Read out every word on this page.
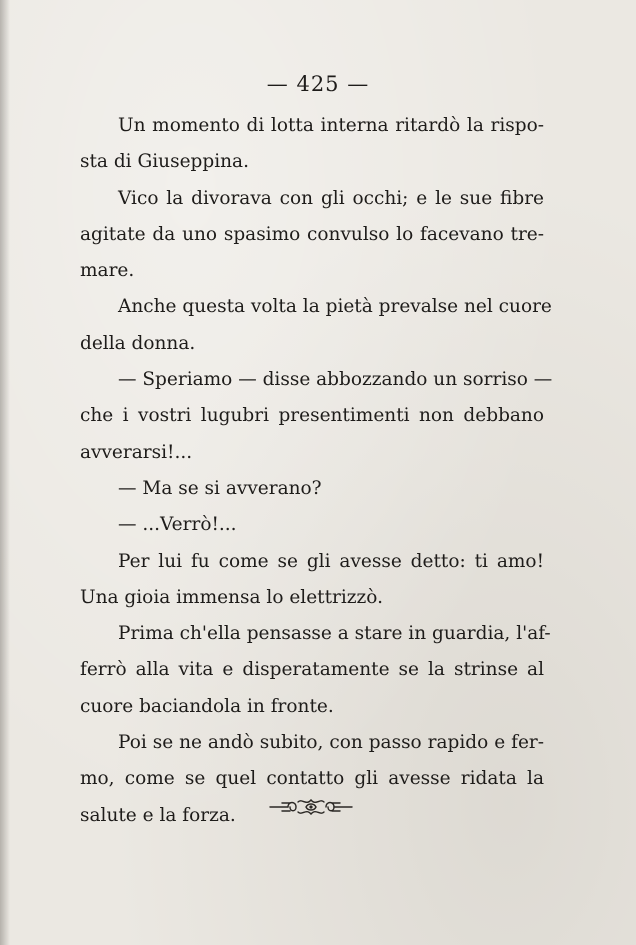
— 425 —
Un momento di lotta interna ritardò la rispo-
sta di Giuseppina.
Vico la divorava con gli occhi; e le sue fibre
agitate da uno spasimo convulso lo facevano tre-
mare.
Anche questa volta la pietà prevalse nel cuore
della donna.
— Speriamo — disse abbozzando un sorriso —
che i vostri lugubri presentimenti non debbano
avverarsi!...
— Ma se si avverano?
— ...Verrò!...
Per lui fu come se gli avesse detto: ti amo!
Una gioia immensa lo elettrizzò.
Prima ch'ella pensasse a stare in guardia, l'af-
ferrò alla vita e disperatamente se la strinse al
cuore baciandola in fronte.
Poi se ne andò subito, con passo rapido e fer-
mo, come se quel contatto gli avesse ridata la
salute e la forza.
